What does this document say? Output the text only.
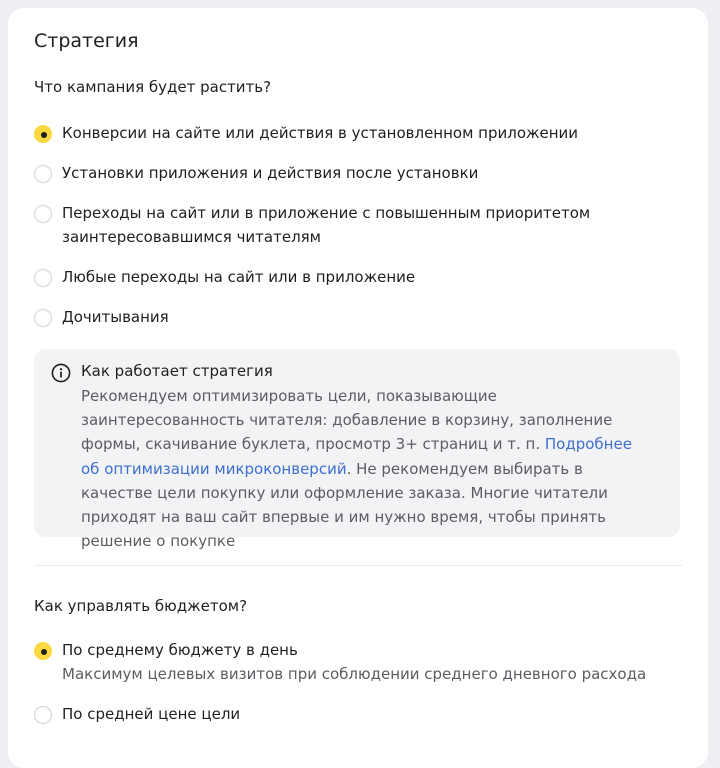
Стратегия
Что кампания будет растить?
Конверсии на сайте или действия в установленном приложении
Установки приложения и действия после установки
Переходы на сайт или в приложение с повышенным приоритетом заинтересовавшимся читателям
Любые переходы на сайт или в приложение
Дочитывания
Как работает стратегия
Рекомендуем оптимизировать цели, показывающие заинтересованность читателя: добавление в корзину, заполнение формы, скачивание буклета, просмотр 3+ страниц и т. п. Подробнее об оптимизации микроконверсий. Не рекомендуем выбирать в качестве цели покупку или оформление заказа. Многие читатели приходят на ваш сайт впервые и им нужно время, чтобы принять решение о покупке
Как управлять бюджетом?
По среднему бюджету в день
Максимум целевых визитов при соблюдении среднего дневного расхода
По средней цене цели
